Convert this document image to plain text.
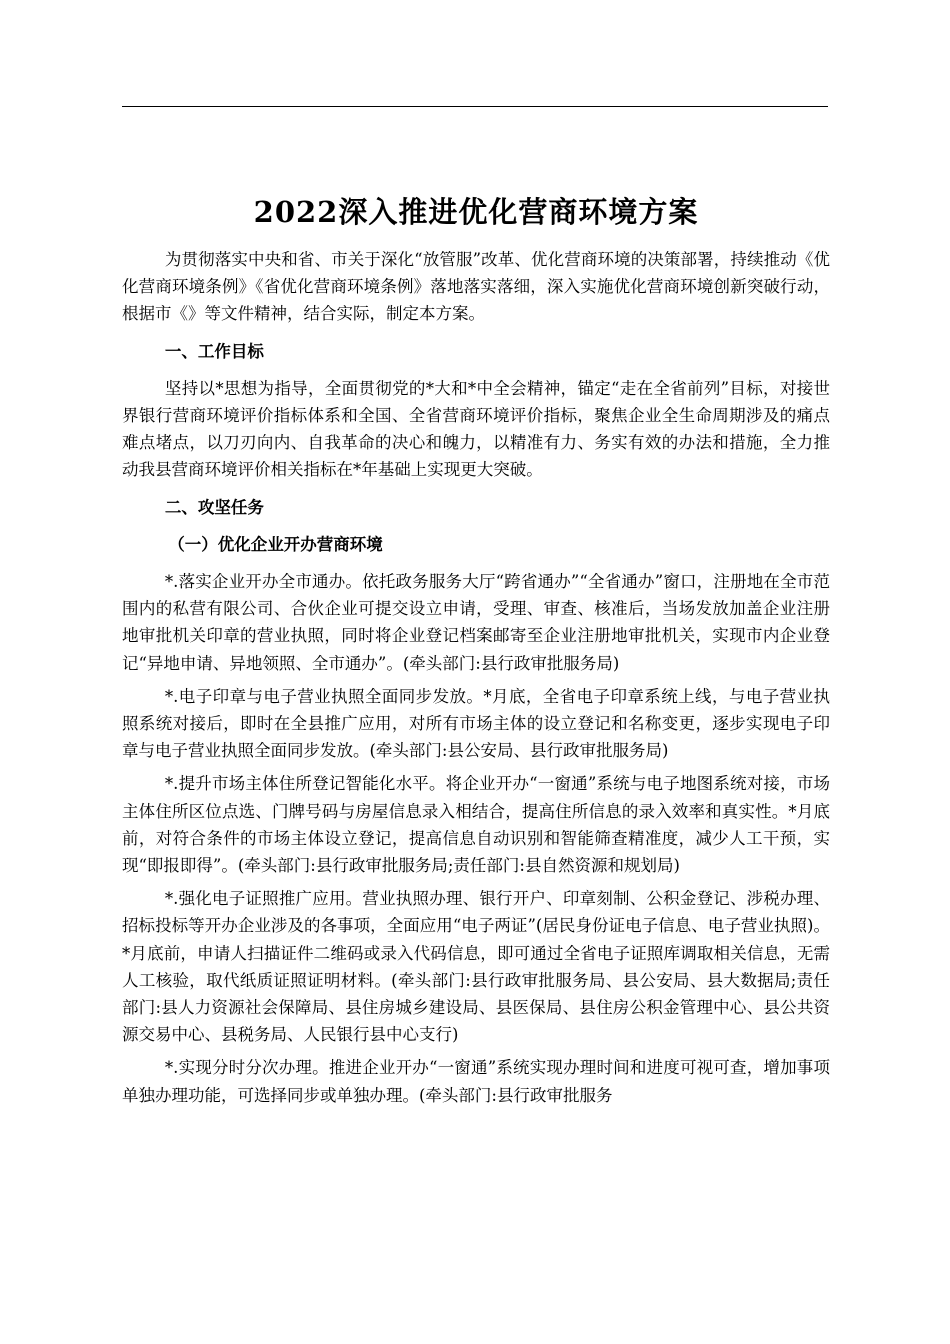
2022深入推进优化营商环境方案

为贯彻落实中央和省、市关于深化“放管服”改革、优化营商环境的决策部署，持续推动《优化营商环境条例》《省优化营商环境条例》落地落实落细，深入实施优化营商环境创新突破行动，根据市《》等文件精神，结合实际，制定本方案。

一、工作目标

坚持以*思想为指导，全面贯彻党的*大和*中全会精神，锚定“走在全省前列”目标，对接世界银行营商环境评价指标体系和全国、全省营商环境评价指标，聚焦企业全生命周期涉及的痛点难点堵点，以刀刃向内、自我革命的决心和魄力，以精准有力、务实有效的办法和措施，全力推动我县营商环境评价相关指标在*年基础上实现更大突破。

二、攻坚任务
（一）优化企业开办营商环境

*.落实企业开办全市通办。依托政务服务大厅“跨省通办”“全省通办”窗口，注册地在全市范围内的私营有限公司、合伙企业可提交设立申请，受理、审查、核准后，当场发放加盖企业注册地审批机关印章的营业执照，同时将企业登记档案邮寄至企业注册地审批机关，实现市内企业登记“异地申请、异地领照、全市通办”。(牵头部门:县行政审批服务局)

*.电子印章与电子营业执照全面同步发放。*月底，全省电子印章系统上线，与电子营业执照系统对接后，即时在全县推广应用，对所有市场主体的设立登记和名称变更，逐步实现电子印章与电子营业执照全面同步发放。(牵头部门:县公安局、县行政审批服务局)

*.提升市场主体住所登记智能化水平。将企业开办“一窗通”系统与电子地图系统对接，市场主体住所区位点选、门牌号码与房屋信息录入相结合，提高住所信息的录入效率和真实性。*月底前，对符合条件的市场主体设立登记，提高信息自动识别和智能筛查精准度，减少人工干预，实现“即报即得”。(牵头部门:县行政审批服务局;责任部门:县自然资源和规划局)

*.强化电子证照推广应用。营业执照办理、银行开户、印章刻制、公积金登记、涉税办理、招标投标等开办企业涉及的各事项，全面应用“电子两证”(居民身份证电子信息、电子营业执照)。*月底前，申请人扫描证件二维码或录入代码信息，即可通过全省电子证照库调取相关信息，无需人工核验，取代纸质证照证明材料。(牵头部门:县行政审批服务局、县公安局、县大数据局;责任部门:县人力资源社会保障局、县住房城乡建设局、县医保局、县住房公积金管理中心、县公共资源交易中心、县税务局、人民银行县中心支行)

*.实现分时分次办理。推进企业开办“一窗通”系统实现办理时间和进度可视可查，增加事项单独办理功能，可选择同步或单独办理。(牵头部门:县行政审批服务
